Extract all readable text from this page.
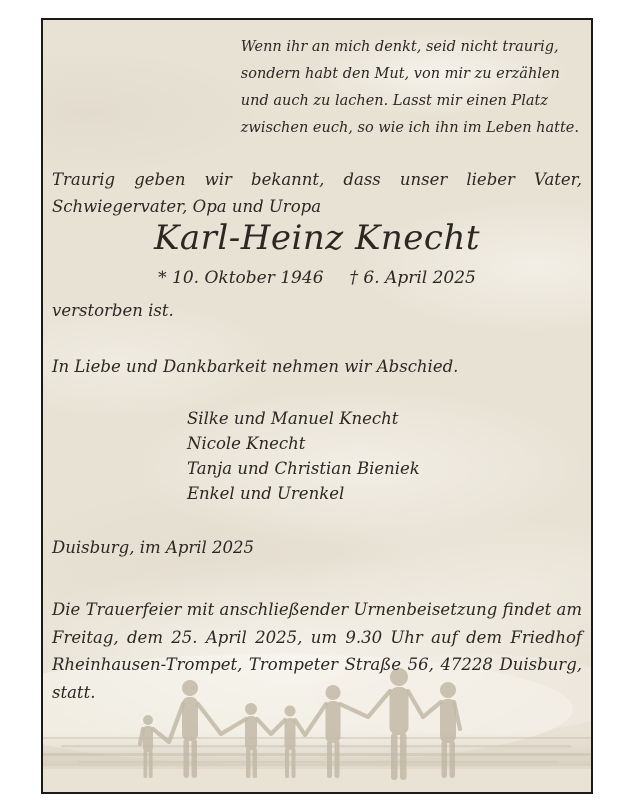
Wenn ihr an mich denkt, seid nicht traurig,
sondern habt den Mut, von mir zu erzählen
und auch zu lachen. Lasst mir einen Platz
zwischen euch, so wie ich ihn im Leben hatte.

Traurig geben wir bekannt, dass unser lieber Vater, Schwiegervater, Opa und Uropa

Karl-Heinz Knecht
* 10. Oktober 1946 † 6. April 2025

verstorben ist.

In Liebe und Dankbarkeit nehmen wir Abschied.

Silke und Manuel Knecht
Nicole Knecht
Tanja und Christian Bieniek
Enkel und Urenkel

Duisburg, im April 2025

Die Trauerfeier mit anschließender Urnenbeisetzung findet am Freitag, dem 25. April 2025, um 9.30 Uhr auf dem Friedhof Rheinhausen-Trompet, Trompeter Straße 56, 47228 Duisburg, statt.
